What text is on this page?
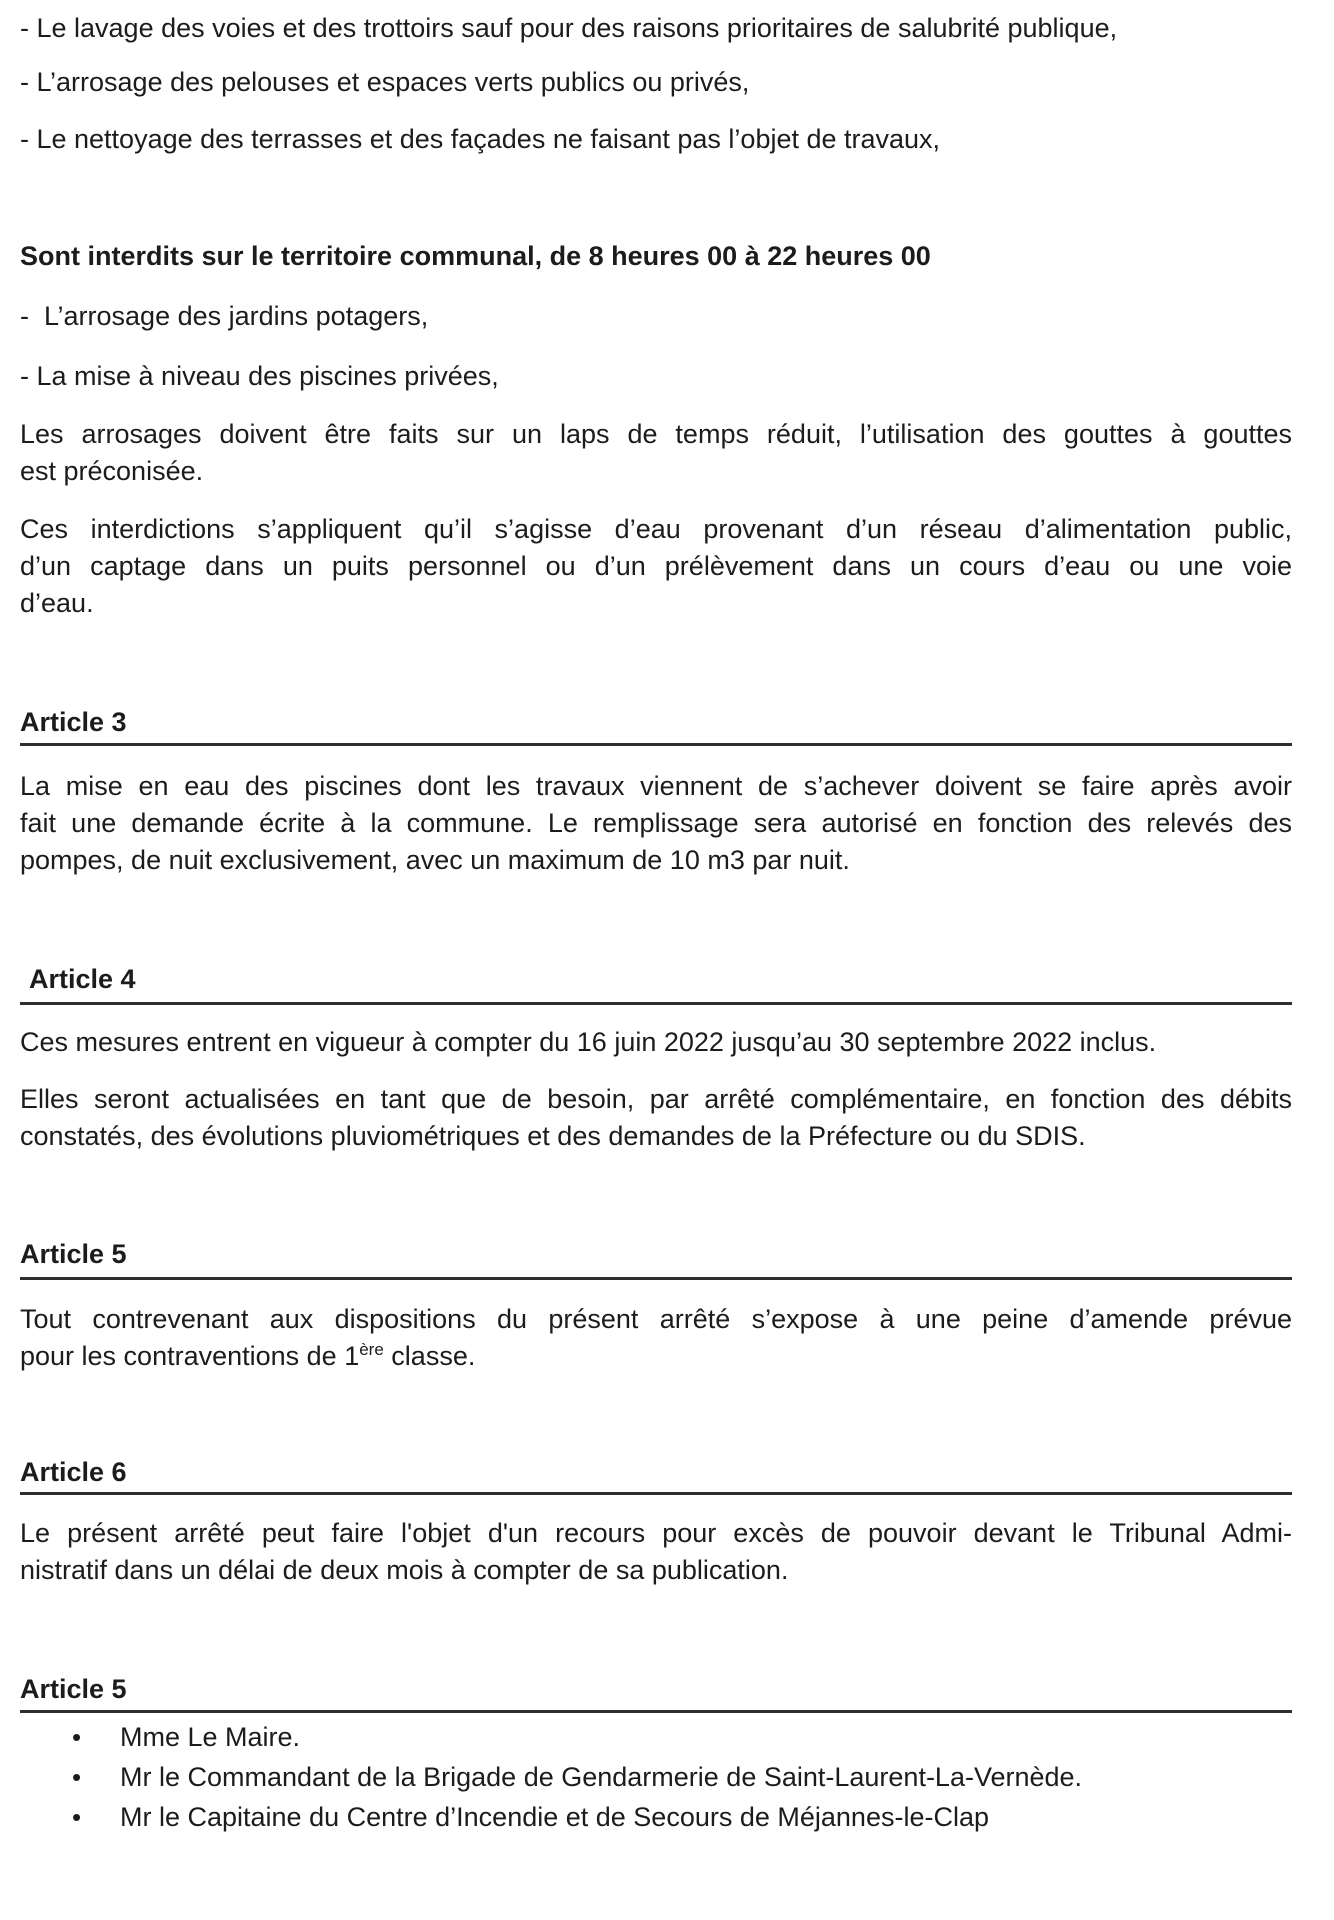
- Le lavage des voies et des trottoirs sauf pour des raisons prioritaires de salubrité publique,

- L’arrosage des pelouses et espaces verts publics ou privés,

- Le nettoyage des terrasses et des façades ne faisant pas l’objet de travaux,

Sont interdits sur le territoire communal, de 8 heures 00 à 22 heures 00

-  L’arrosage des jardins potagers,

- La mise à niveau des piscines privées,

Les arrosages doivent être faits sur un laps de temps réduit, l’utilisation des gouttes à gouttes
est préconisée.
Ces interdictions s’appliquent qu’il s’agisse d’eau provenant d’un réseau d’alimentation public,
d’un captage dans un puits personnel ou d’un prélèvement dans un cours d’eau ou une voie
d’eau.
Article 3
La mise en eau des piscines dont les travaux viennent de s’achever doivent se faire après avoir
fait une demande écrite à la commune. Le remplissage sera autorisé en fonction des relevés des
pompes, de nuit exclusivement, avec un maximum de 10 m3 par nuit.
Article 4

Ces mesures entrent en vigueur à compter du 16 juin 2022 jusqu’au 30 septembre 2022 inclus.

Elles seront actualisées en tant que de besoin, par arrêté complémentaire, en fonction des débits
constatés, des évolutions pluviométriques et des demandes de la Préfecture ou du SDIS.
Article 5
Tout contrevenant aux dispositions du présent arrêté s’expose à une peine d’amende prévue
pour les contraventions de 1ère classe.
Article 6
Le présent arrêté peut faire l'objet d'un recours pour excès de pouvoir devant le Tribunal Admi-
nistratif dans un délai de deux mois à compter de sa publication.
Article 5
• Mme Le Maire.
• Mr le Commandant de la Brigade de Gendarmerie de Saint-Laurent-La-Vernède.
• Mr le Capitaine du Centre d’Incendie et de Secours de Méjannes-le-Clap
